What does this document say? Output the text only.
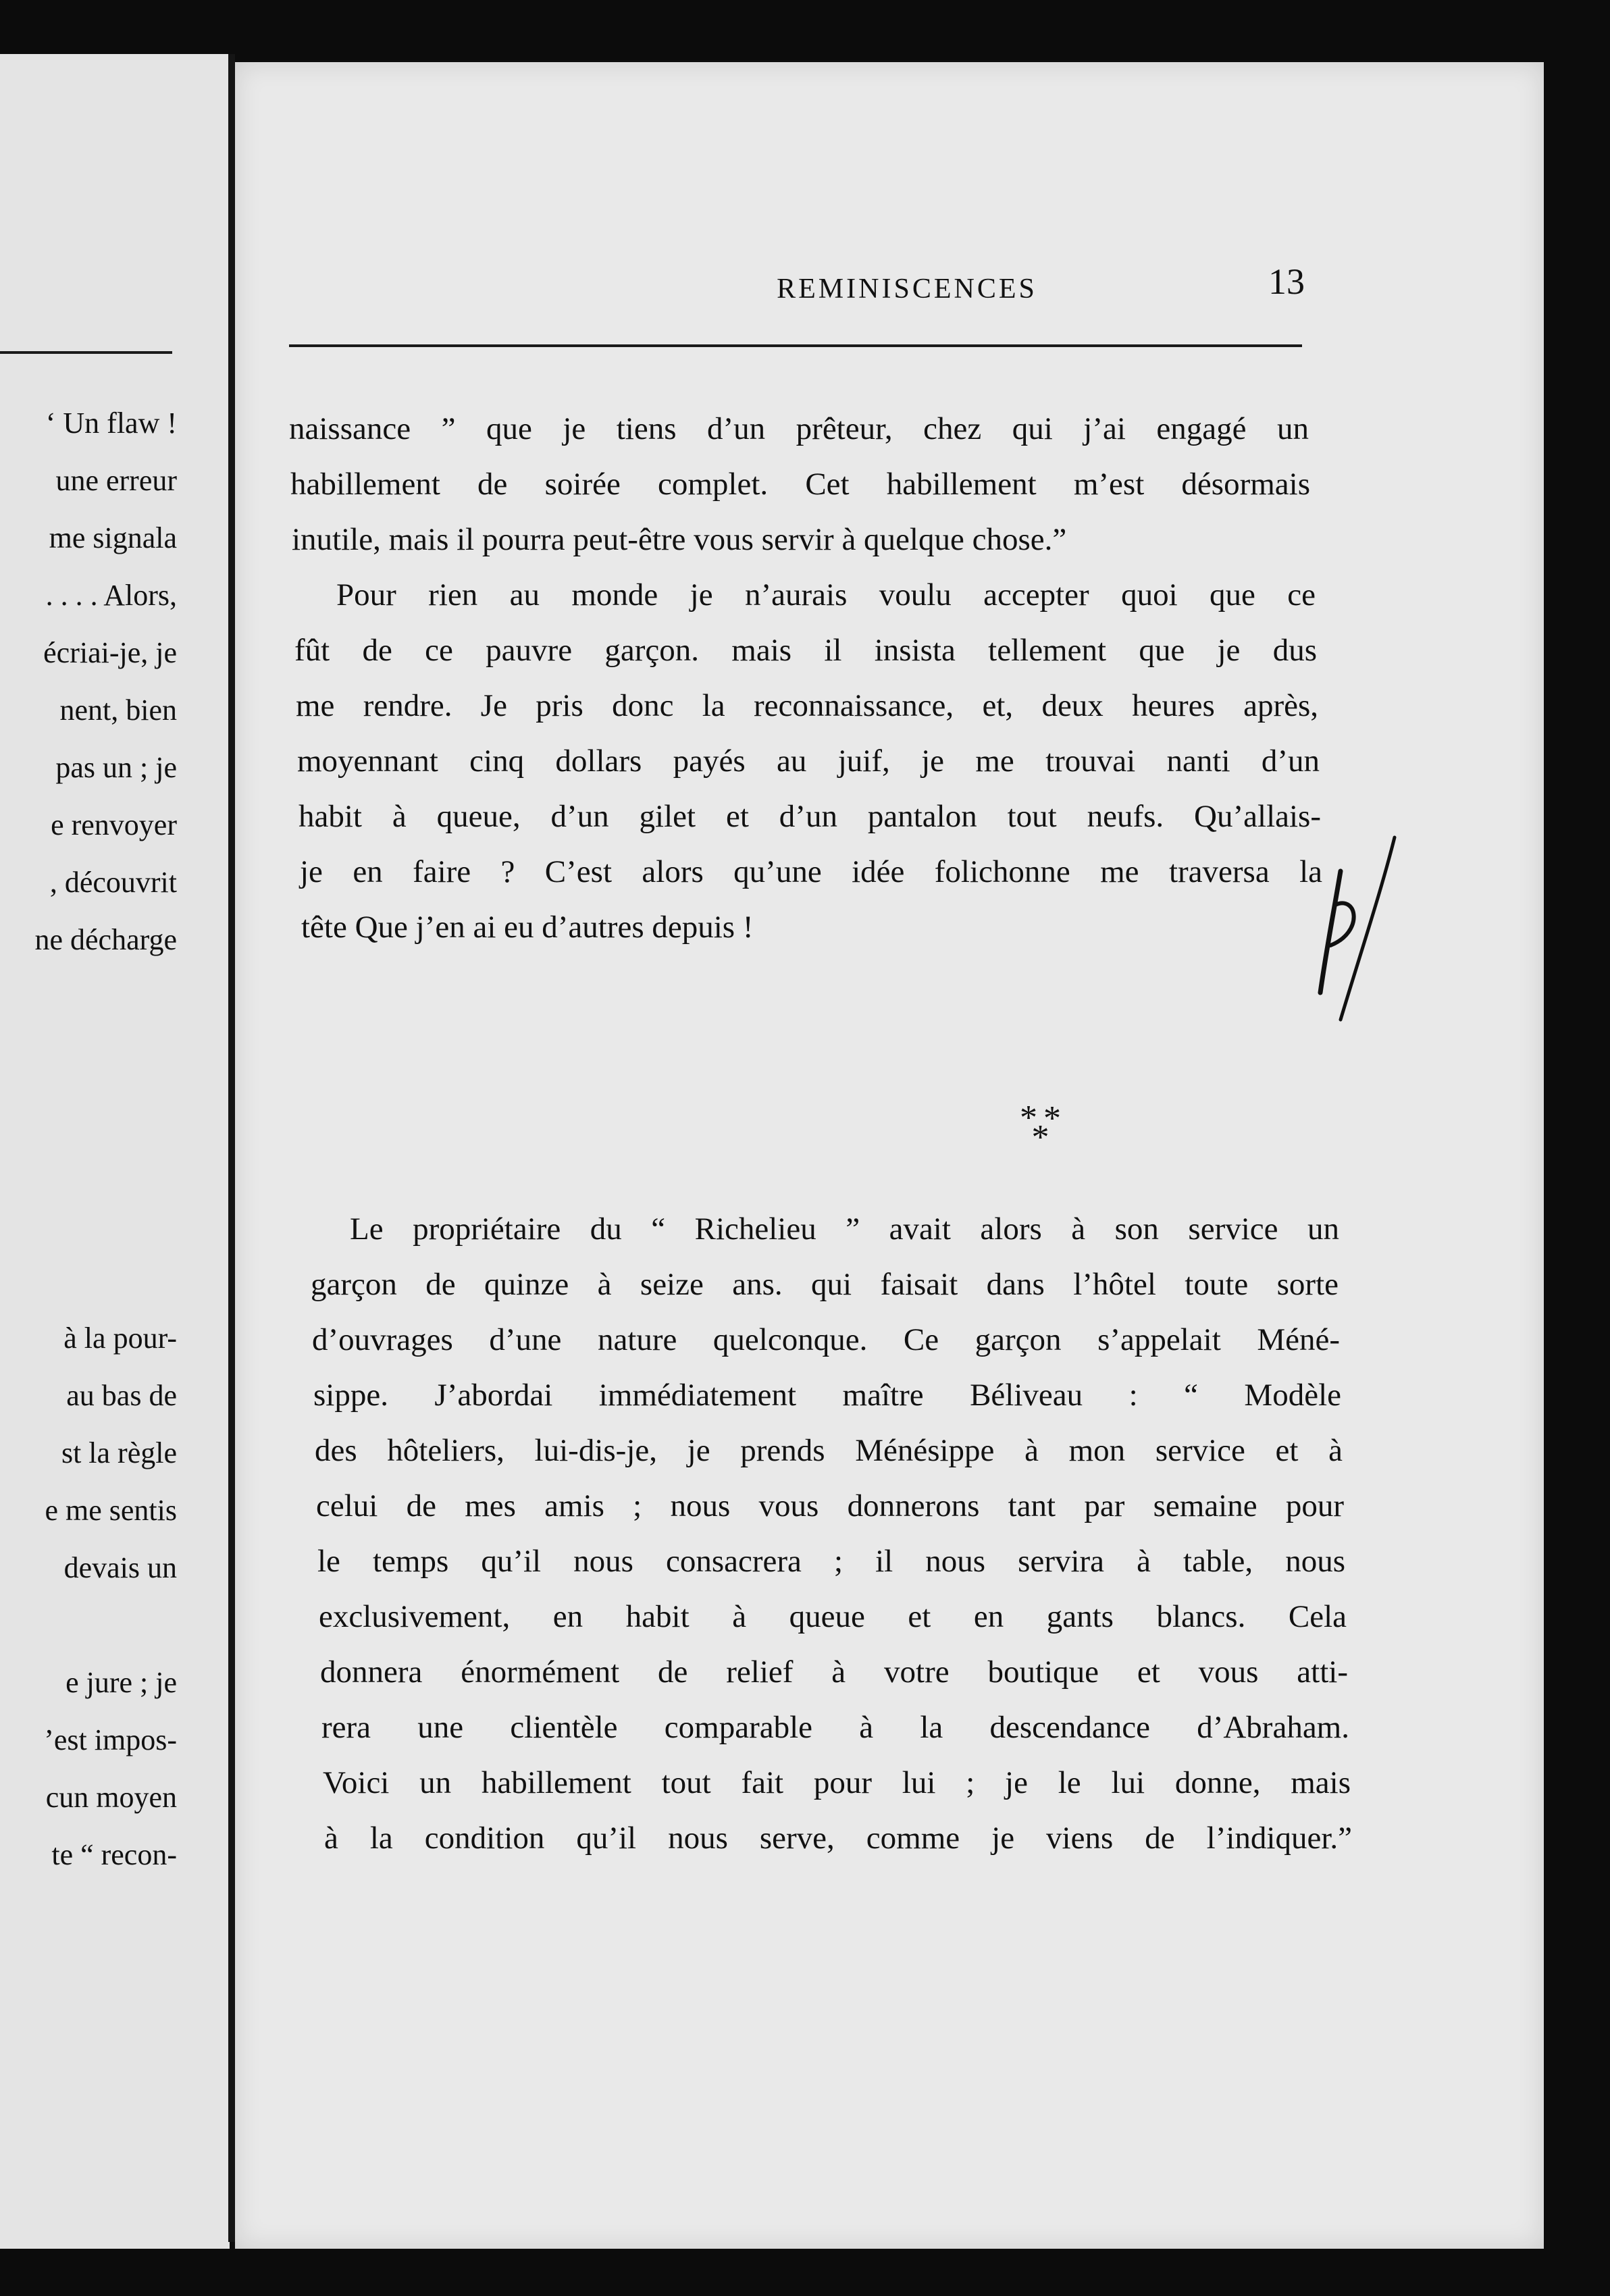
‘ Un flaw !
une erreur
me signala
. . . . Alors,
écriai-je, je
nent, bien
pas un ; je
e renvoyer
, découvrit
ne décharge
à la pour-
au bas de
st la règle
e me sentis
devais un
e jure ; je
’est impos-
cun moyen
te “ recon-
REMINISCENCES	13
naissance ” que je tiens d’un prêteur, chez qui j’ai engagé un
habillement de soirée complet. Cet habillement m’est désormais
inutile, mais il pourra peut-être vous servir à quelque chose.”
Pour rien au monde je n’aurais voulu accepter quoi que ce
fût de ce pauvre garçon. mais il insista tellement que je dus
me rendre. Je pris donc la reconnaissance, et, deux heures après,
moyennant cinq dollars payés au juif, je me trouvai nanti d’un
habit à queue, d’un gilet et d’un pantalon tout neufs. Qu’allais-
je en faire ? C’est alors qu’une idée folichonne me traversa la
tête Que j’en ai eu d’autres depuis !
* *
*
Le propriétaire du “ Richelieu ” avait alors à son service un
garçon de quinze à seize ans. qui faisait dans l’hôtel toute sorte
d’ouvrages d’une nature quelconque. Ce garçon s’appelait Méné-
sippe. J’abordai immédiatement maître Béliveau : “ Modèle
des hôteliers, lui-dis-je, je prends Ménésippe à mon service et à
celui de mes amis ; nous vous donnerons tant par semaine pour
le temps qu’il nous consacrera ; il nous servira à table, nous
exclusivement, en habit à queue et en gants blancs. Cela
donnera énormément de relief à votre boutique et vous atti-
rera une clientèle comparable à la descendance d’Abraham.
Voici un habillement tout fait pour lui ; je le lui donne, mais
à la condition qu’il nous serve, comme je viens de l’indiquer.”
